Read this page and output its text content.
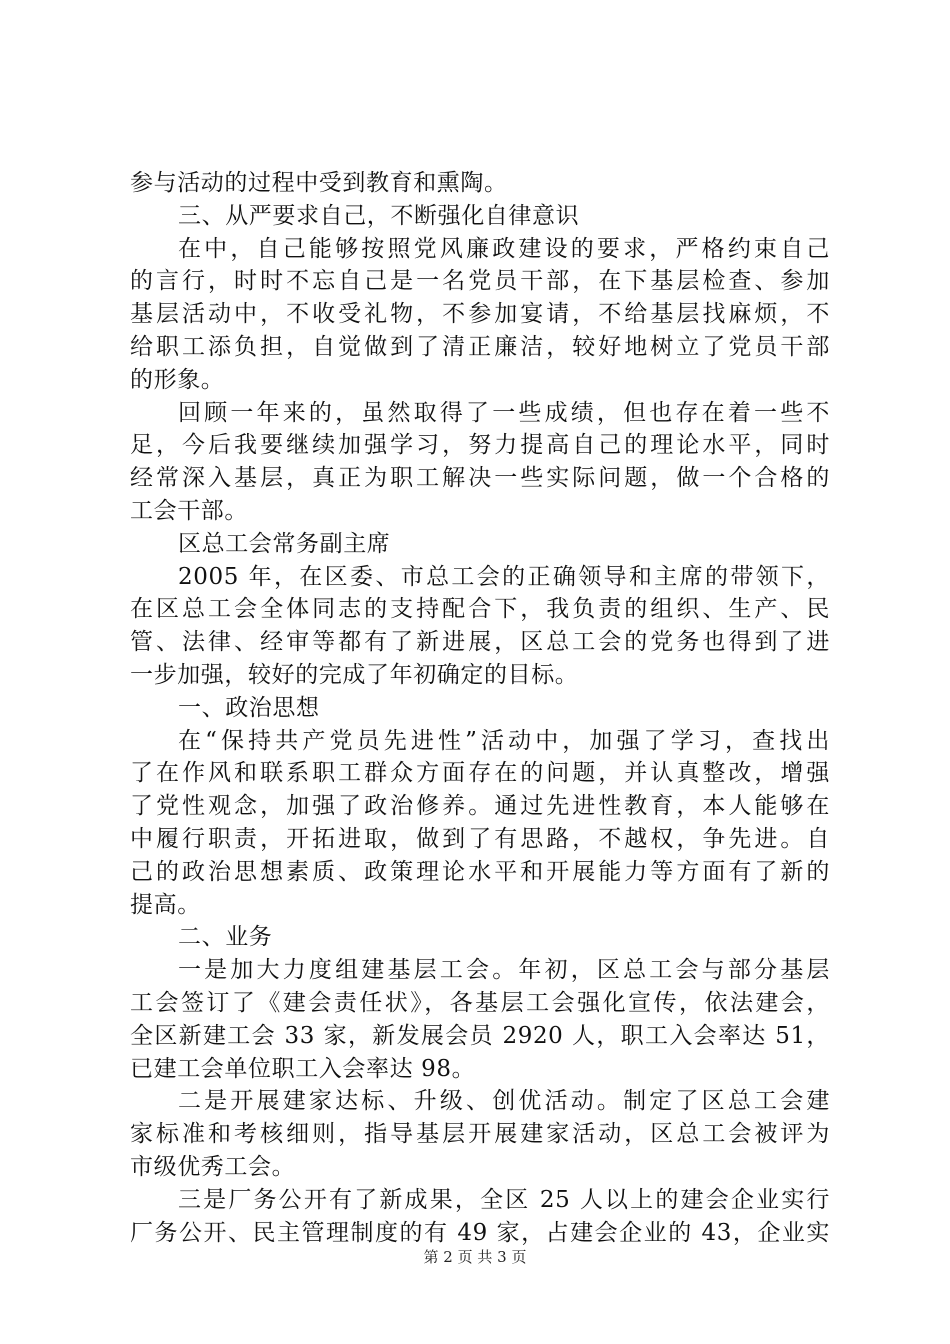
参与活动的过程中受到教育和熏陶。
三、从严要求自己，不断强化自律意识
在中，自己能够按照党风廉政建设的要求，严格约束自己
的言行，时时不忘自己是一名党员干部，在下基层检查、参加
基层活动中，不收受礼物，不参加宴请，不给基层找麻烦，不
给职工添负担，自觉做到了清正廉洁，较好地树立了党员干部
的形象。
回顾一年来的，虽然取得了一些成绩，但也存在着一些不
足，今后我要继续加强学习，努力提高自己的理论水平，同时
经常深入基层，真正为职工解决一些实际问题，做一个合格的
工会干部。
区总工会常务副主席
2005 年，在区委、市总工会的正确领导和主席的带领下，
在区总工会全体同志的支持配合下，我负责的组织、生产、民
管、法律、经审等都有了新进展，区总工会的党务也得到了进
一步加强，较好的完成了年初确定的目标。
一、政治思想
在“保持共产党员先进性”活动中，加强了学习，查找出
了在作风和联系职工群众方面存在的问题，并认真整改，增强
了党性观念，加强了政治修养。通过先进性教育，本人能够在
中履行职责，开拓进取，做到了有思路，不越权，争先进。自
己的政治思想素质、政策理论水平和开展能力等方面有了新的
提高。
二、业务
一是加大力度组建基层工会。年初，区总工会与部分基层
工会签订了《建会责任状》，各基层工会强化宣传，依法建会，
全区新建工会 33 家，新发展会员 2920 人，职工入会率达 51，
已建工会单位职工入会率达 98。
二是开展建家达标、升级、创优活动。制定了区总工会建
家标准和考核细则，指导基层开展建家活动，区总工会被评为
市级优秀工会。
三是厂务公开有了新成果，全区 25 人以上的建会企业实行
厂务公开、民主管理制度的有 49 家，占建会企业的 43，企业实
第 2 页 共 3 页
